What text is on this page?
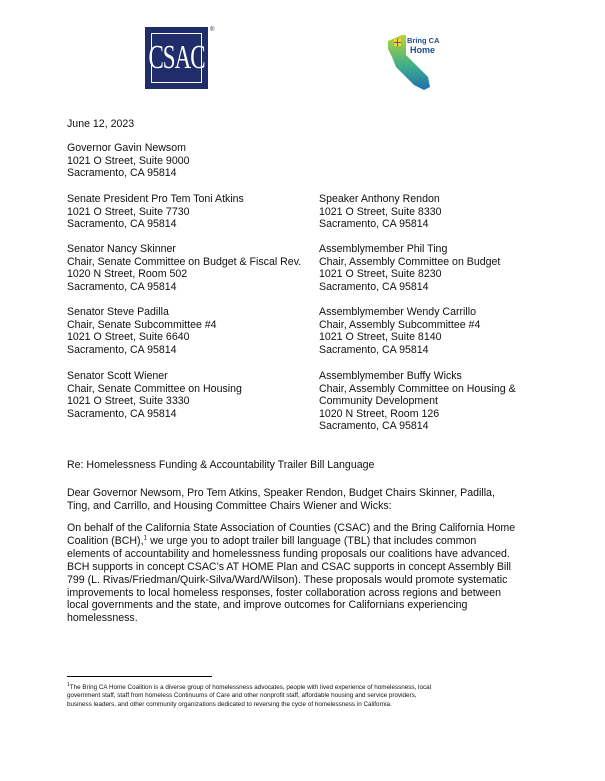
CSAC
®
Bring CA
Home
June 12, 2023
Governor Gavin Newsom
1021 O Street, Suite 9000
Sacramento, CA 95814
Senate President Pro Tem Toni Atkins
1021 O Street, Suite 7730
Sacramento, CA 95814
Senator Nancy Skinner
Chair, Senate Committee on Budget & Fiscal Rev.
1020 N Street, Room 502
Sacramento, CA 95814
Senator Steve Padilla
Chair, Senate Subcommittee #4
1021 O Street, Suite 6640
Sacramento, CA 95814
Senator Scott Wiener
Chair, Senate Committee on Housing
1021 O Street, Suite 3330
Sacramento, CA 95814
Speaker Anthony Rendon
1021 O Street, Suite 8330
Sacramento, CA 95814
Assemblymember Phil Ting
Chair, Assembly Committee on Budget
1021 O Street, Suite 8230
Sacramento, CA 95814
Assemblymember Wendy Carrillo
Chair, Assembly Subcommittee #4
1021 O Street, Suite 8140
Sacramento, CA 95814
Assemblymember Buffy Wicks
Chair, Assembly Committee on Housing &
Community Development
1020 N Street, Room 126
Sacramento, CA 95814
Re: Homelessness Funding & Accountability Trailer Bill Language
Dear Governor Newsom, Pro Tem Atkins, Speaker Rendon, Budget Chairs Skinner, Padilla,
Ting, and Carrillo, and Housing Committee Chairs Wiener and Wicks:
On behalf of the California State Association of Counties (CSAC) and the Bring California Home
Coalition (BCH),$^1$ we urge you to adopt trailer bill language (TBL) that includes common
elements of accountability and homelessness funding proposals our coalitions have advanced.
BCH supports in concept CSAC’s AT HOME Plan and CSAC supports in concept Assembly Bill
799 (L. Rivas/Friedman/Quirk-Silva/Ward/Wilson). These proposals would promote systematic
improvements to local homeless responses, foster collaboration across regions and between
local governments and the state, and improve outcomes for Californians experiencing
homelessness.
$^1$The Bring CA Home Coalition is a diverse group of homelessness advocates, people with lived experience of homelessness, local
government staff, staff from homeless Continuums of Care and other nonprofit staff, affordable housing and service providers,
business leaders, and other community organizations dedicated to reversing the cycle of homelessness in California.
